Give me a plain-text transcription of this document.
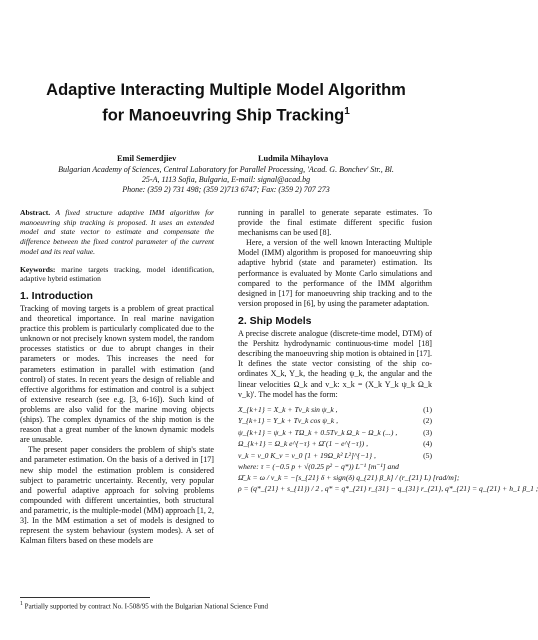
Adaptive Interacting Multiple Model Algorithm for Manoeuvring Ship Tracking$^1$
Emil Semerdjiev	Ludmila Mihaylova
Bulgarian Academy of Sciences, Central Laboratory for Parallel Processing, 'Acad. G. Bonchev' Str., Bl.
25-A, 1113 Sofia, Bulgaria, E-mail: signal@acad.bg
Phone: (359 2) 731 498; (359 2)713 6747; Fax: (359 2) 707 273

Abstract. A fixed structure adaptive IMM algorithm for manoeuvring ship tracking is proposed. It uses an extended model and state vector to estimate and compensate the difference between the fixed control parameter of the current model and its real value.

Keywords: marine targets tracking, model identification, adaptive hybrid estimation

1. Introduction

Tracking of moving targets is a problem of great practical and theoretical importance. In real marine navigation practice this problem is particularly complicated due to the unknown or not precisely known system model, the random processes statistics or due to abrupt changes in their parameters or modes. This increases the need for parameters estimation in parallel with estimation (and control) of states. In recent years the design of reliable and effective algorithms for estimation and control is a subject of extensive research (see e.g. [3, 6-16]). Such kind of problems are also valid for the marine moving objects (ships). The complex dynamics of the ship motion is the reason that a great number of the known dynamic models are unusable.

The present paper considers the problem of ship's state and parameter estimation. On the basis of a derived in [17] new ship model the estimation problem is considered subject to parametric uncertainty. Recently, very popular and powerful adaptive approach for solving problems compounded with different uncertainties, both structural and parametric, is the multiple-model (MM) approach [1, 2, 3]. In the MM estimation a set of models is designed to represent the system behaviour (system modes). A set of Kalman filters based on these models are

running in parallel to generate separate estimates. To provide the final estimate different specific fusion mechanisms can be used [8].

Here, a version of the well known Interacting Multiple Model (IMM) algorithm is proposed for manoeuvring ship adaptive hybrid (state and parameter) estimation. Its performance is evaluated by Monte Carlo simulations and compared to the performance of the IMM algorithm designed in [17] for manoeuvring ship tracking and to the version proposed in [6], by using the parameter adaptation.

2. Ship Models

A precise discrete analogue (discrete-time model, DTM) of the Pershitz hydrodynamic continuous-time model [18] describing the manoeuvring ship motion is obtained in [17]. It defines the state vector consisting of the ship co-ordinates X_k, Y_k, the heading ψ_k, the angular and the linear velocities Ω_k and v_k: x_k = (X_k Y_k ψ_k Ω_k v_k)'. The model has the form:

X_{k+1} = X_k + Tv_k sin ψ_k ,	(1)
Y_{k+1} = Y_k + Tv_k cos ψ_k ,	(2)
ψ_{k+1} = ψ_k + TΩ_k + 0.5Tv_k Ω_k − Ω_k (...) ,	(3)
Ω_{k+1} = Ω_k e^{−τ} + Ω̄ (1 − e^{−τ}) ,	(4)
v_k = v_0 K_v = v_0 [1 + 19Ω_k² L²]^{−1} ,	(5)
where: τ = (−0.5 p + √(0.25 p² − q*)) L⁻¹ [m⁻¹] and
Ω̄_k = ω / v_k = −[s_{21} δ + sign(δ) q_{21} β_k] / (r_{21} L) [rad/m];
ρ = (q*_{21} + s_{11}) / 2 , q* = q*_{21} r_{31} − q_{31} r_{21}, q*_{21} = q_{21} + h_1 β_1 ;
$^1$ Partially supported by contract No. I-508/95 with the Bulgarian National Science Fund
